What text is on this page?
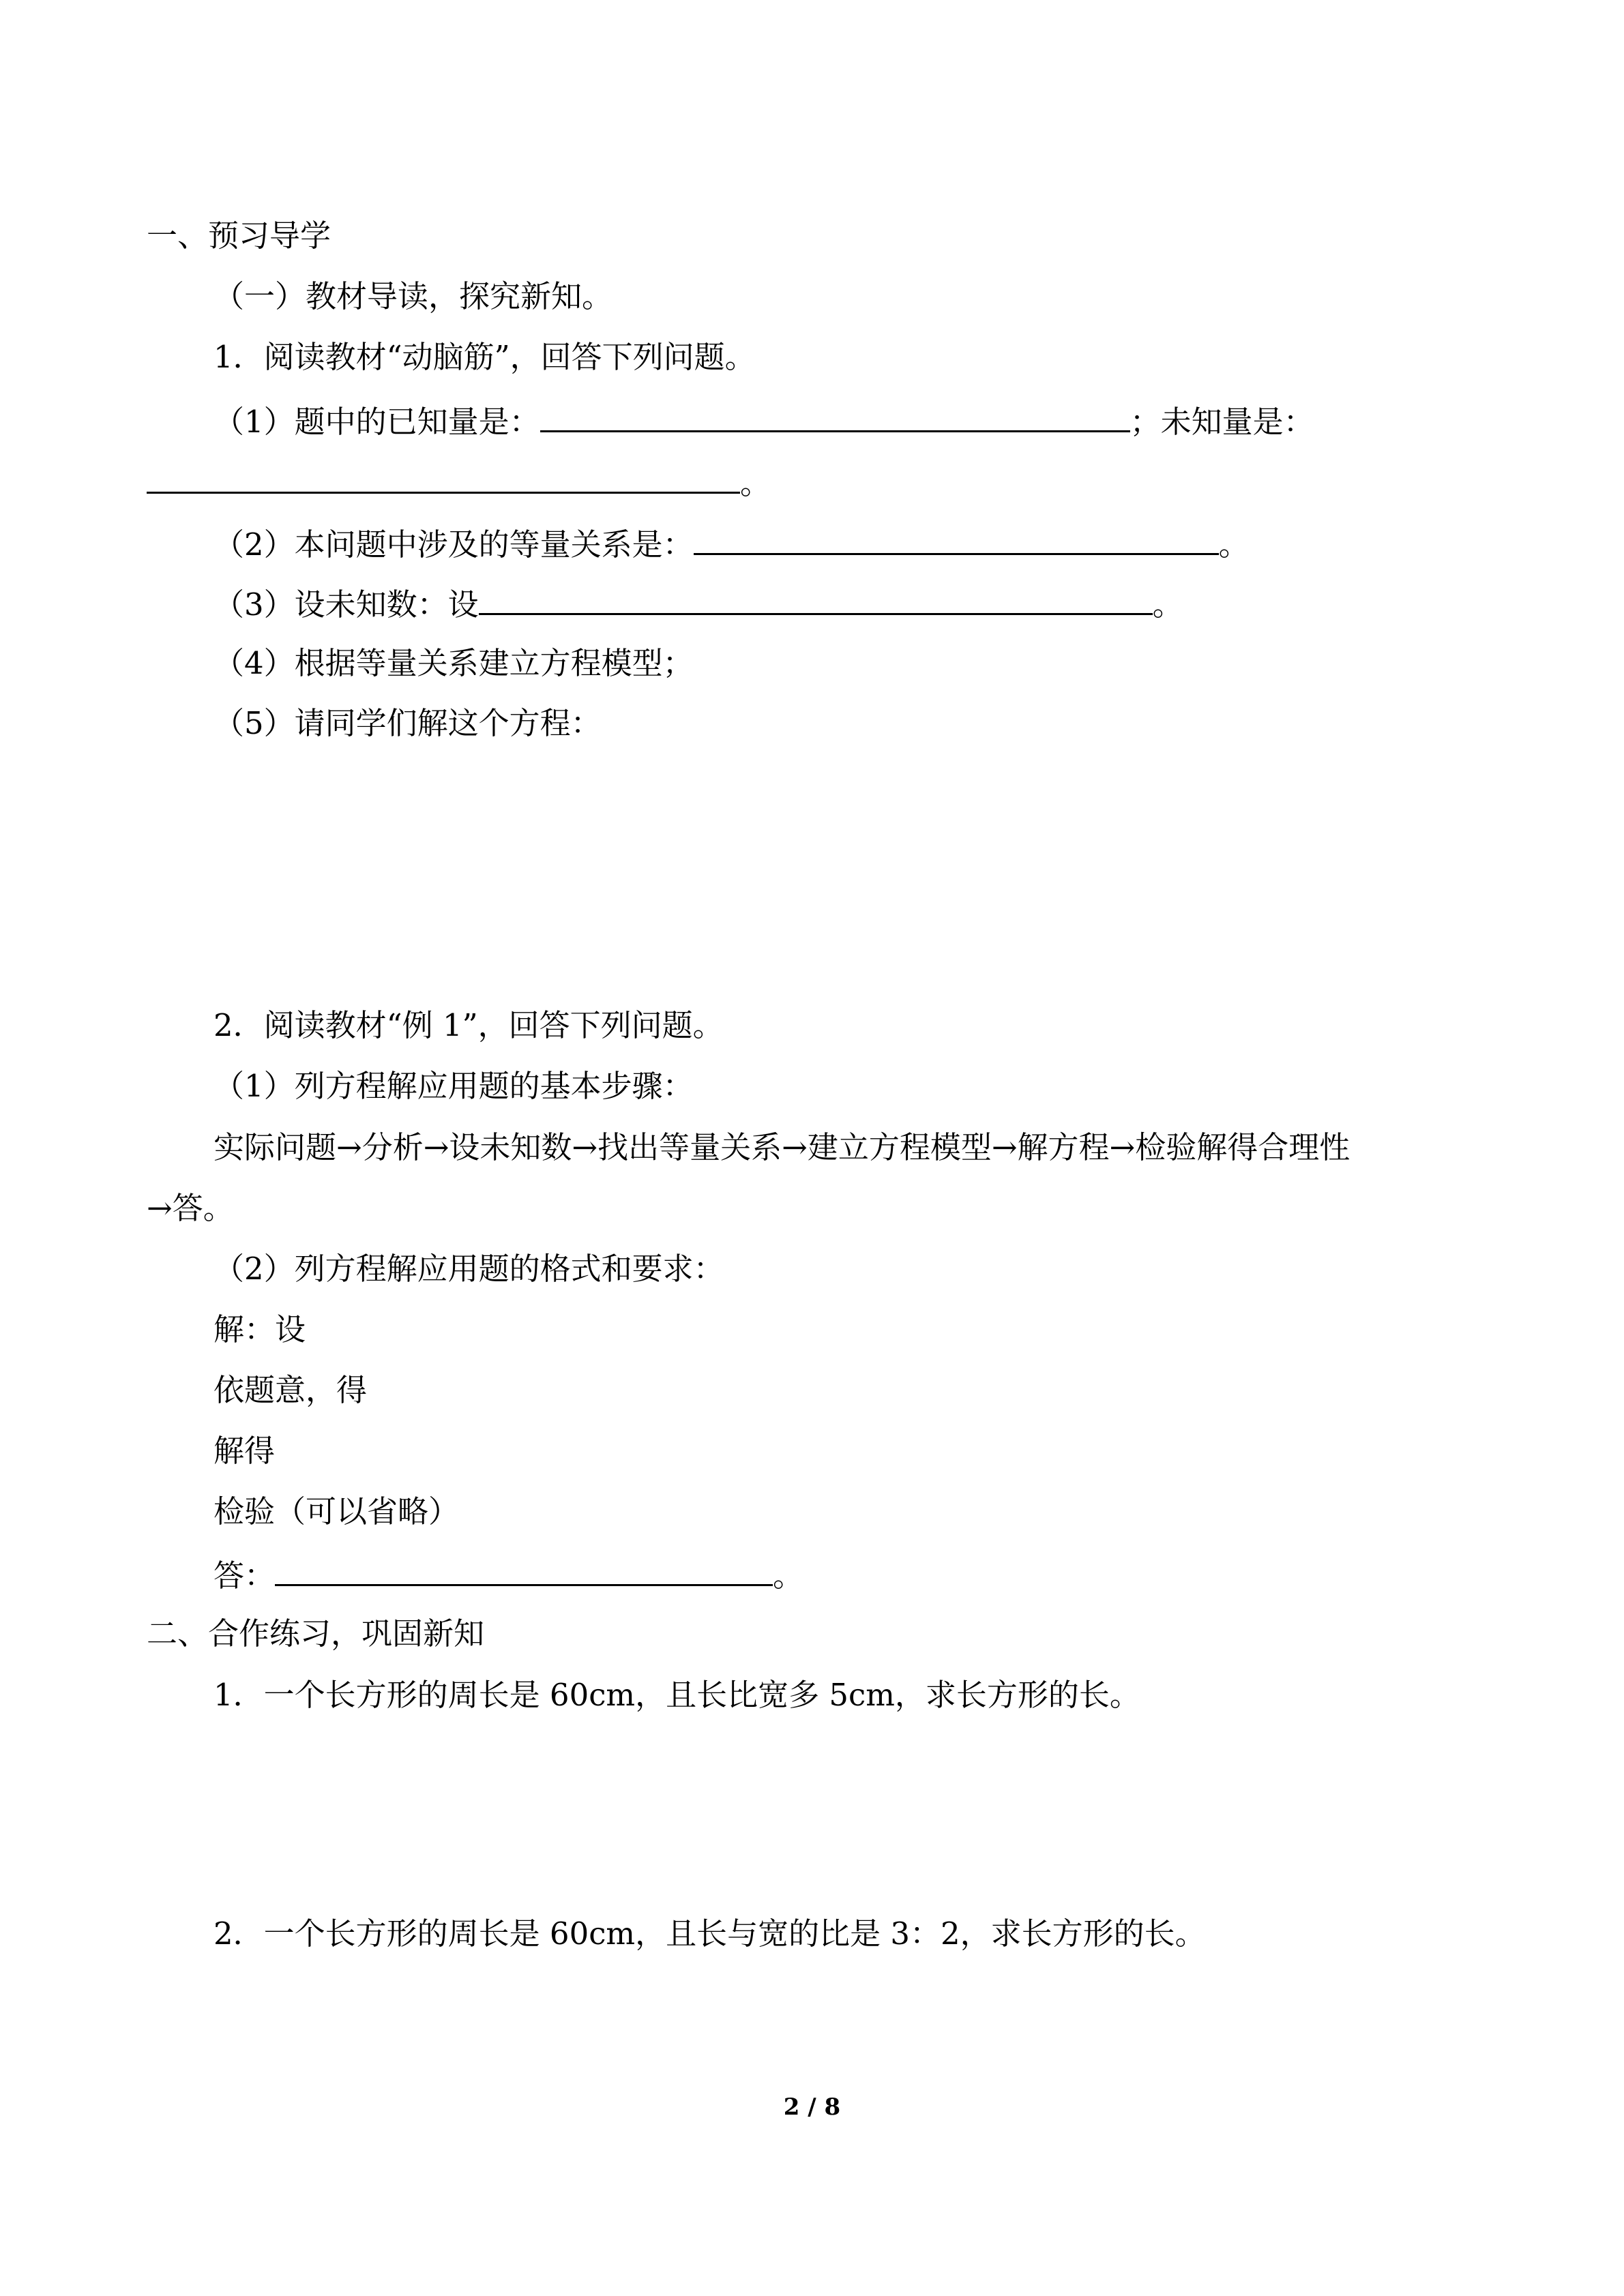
一、预习导学
（一）教材导读，探究新知。
1．阅读教材“动脑筋”，回答下列问题。
（1）题中的已知量是：	；未知量是：
。
（2）本问题中涉及的等量关系是：	。
（3）设未知数：设	。
（4）根据等量关系建立方程模型；
（5）请同学们解这个方程：
2．阅读教材“例 1”，回答下列问题。
（1）列方程解应用题的基本步骤：
实际问题→分析→设未知数→找出等量关系→建立方程模型→解方程→检验解得合理性
→答。
（2）列方程解应用题的格式和要求：
解：设
依题意，得
解得
检验（可以省略）
答：	。
二、合作练习，巩固新知
1．一个长方形的周长是 60cm，且长比宽多 5cm，求长方形的长。
2．一个长方形的周长是 60cm，且长与宽的比是 3：2，求长方形的长。
2 / 8
